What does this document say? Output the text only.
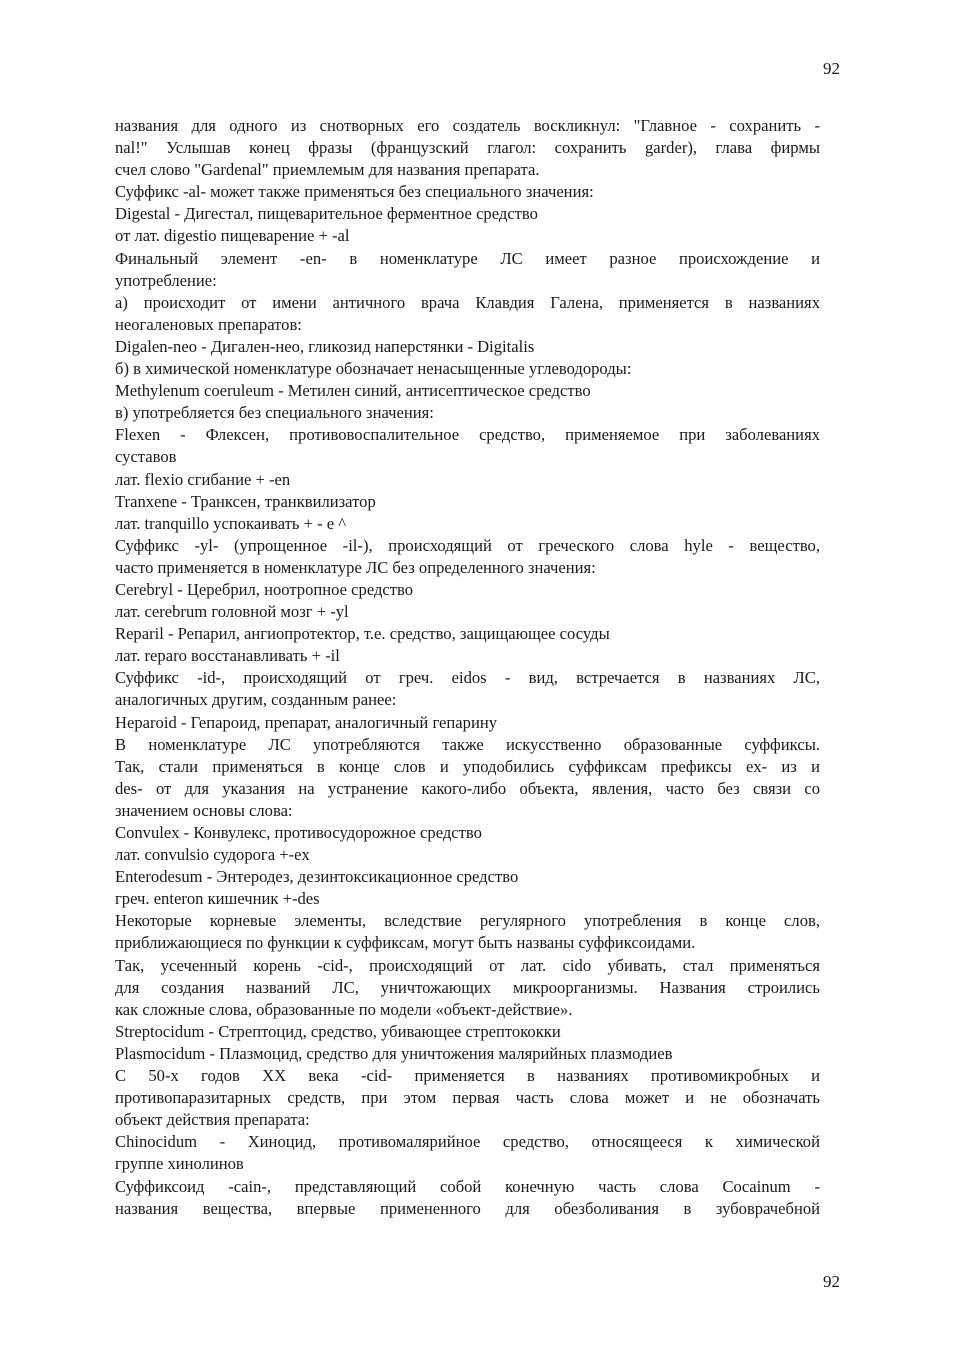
92
названия для одного из снотворных его создатель воскликнул: "Главное - сохранить -
nal!" Услышав конец фразы (французский глагол: сохранить garder), глава фирмы
счел слово "Gardenal" приемлемым для названия препарата.
Суффикс -al- может также применяться без специального значения:
Digestal - Дигестал, пищеварительное ферментное средство
от лат. digestio пищеварение + -al
Финальный элемент -en- в номенклатуре ЛС имеет разное происхождение и
употребление:
а) происходит от имени античного врача Клавдия Галена, применяется в названиях
неогаленовых препаратов:
Digalen-neo - Дигален-нео, гликозид наперстянки - Digitalis
б) в химической номенклатуре обозначает ненасыщенные углеводороды:
Methylenum coeruleum - Метилен синий, антисептическое средство
в) употребляется без специального значения:
Flexen - Флексен, противовоспалительное средство, применяемое при заболеваниях
суставов
лат. flexio сгибание + -en
Tranxene - Транксен, транквилизатор
лат. tranquillo успокаивать + - e ^
Суффикс -yl- (упрощенное -il-), происходящий от греческого слова hyle - вещество,
часто применяется в номенклатуре ЛС без определенного значения:
Cerebryl - Церебрил, ноотропное средство
лат. cerebrum головной мозг + -yl
Reparil - Репарил, ангиопротектор, т.е. средство, защищающее сосуды
лат. reparo восстанавливать + -il
Суффикс -id-, происходящий от греч. eidos - вид, встречается в названиях ЛС,
аналогичных другим, созданным ранее:
Heparoid - Гепароид, препарат, аналогичный гепарину
В номенклатуре ЛС употребляются также искусственно образованные суффиксы.
Так, стали применяться в конце слов и уподобились суффиксам префиксы ex- из и
des- от для указания на устранение какого-либо объекта, явления, часто без связи со
значением основы слова:
Convulex - Конвулекс, противосудорожное средство
лат. convulsio судорога +-ex
Enterodesum - Энтеродез, дезинтоксикационное средство
греч. enteron кишечник +-des
Некоторые корневые элементы, вследствие регулярного употребления в конце слов,
приближающиеся по функции к суффиксам, могут быть названы суффиксоидами.
Так, усеченный корень -cid-, происходящий от лат. cido убивать, стал применяться
для создания названий ЛС, уничтожающих микроорганизмы. Названия строились
как сложные слова, образованные по модели «объект-действие».
Streptocidum - Стрептоцид, средство, убивающее стрептококки
Plasmocidum - Плазмоцид, средство для уничтожения малярийных плазмодиев
С 50-х годов XX века -cid- применяется в названиях противомикробных и
противопаразитарных средств, при этом первая часть слова может и не обозначать
объект действия препарата:
Chinocidum - Хиноцид, противомалярийное средство, относящееся к химической
группе хинолинов
Суффиксоид -cain-, представляющий собой конечную часть слова Cocainum -
названия вещества, впервые примененного для обезболивания в зубоврачебной
92
